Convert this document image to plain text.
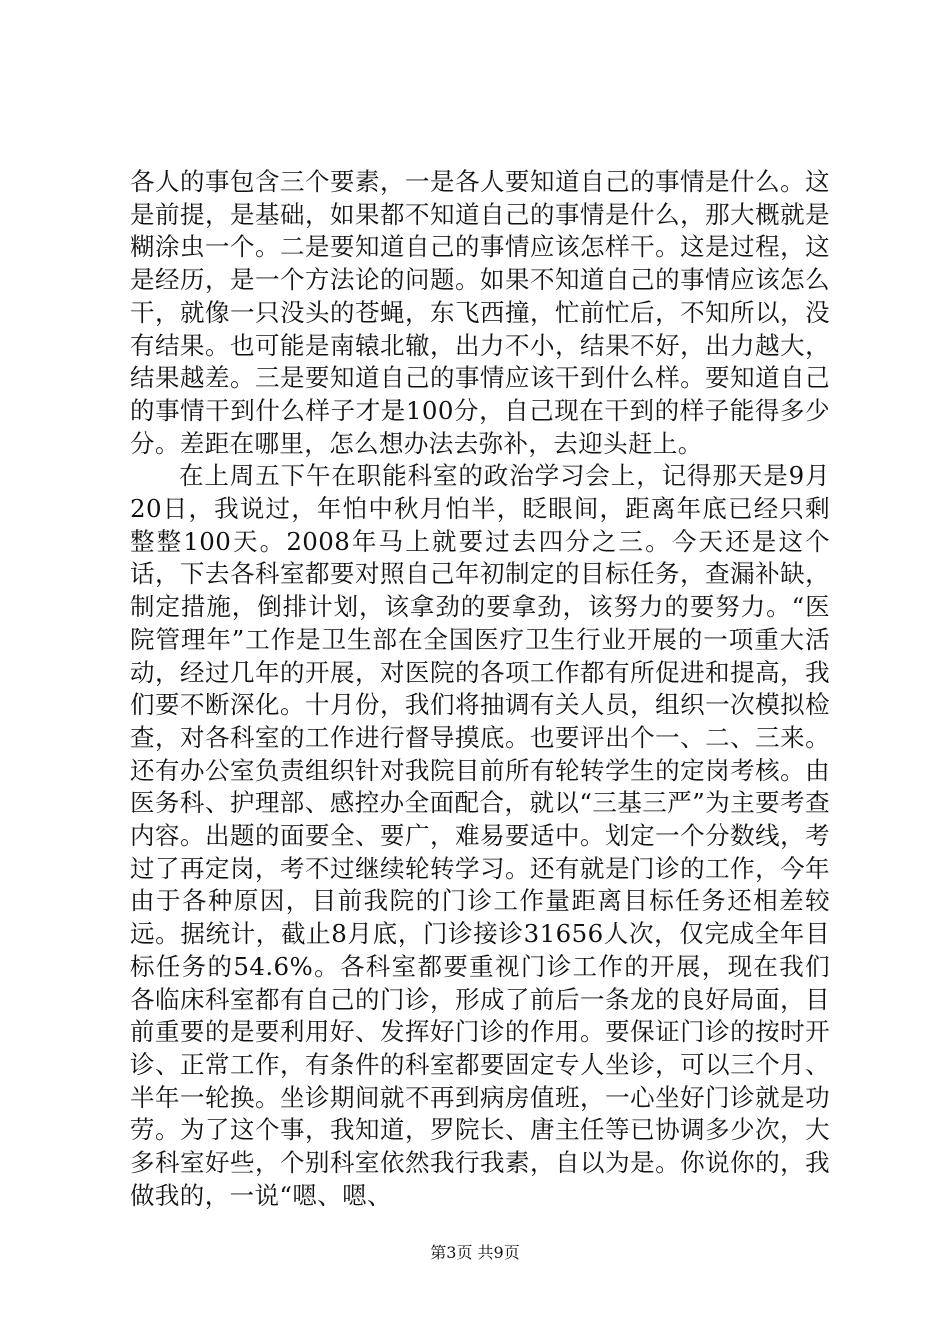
各人的事包含三个要素，一是各人要知道自己的事情是什么。这是前提，是基础，如果都不知道自己的事情是什么，那大概就是糊涂虫一个。二是要知道自己的事情应该怎样干。这是过程，这是经历，是一个方法论的问题。如果不知道自己的事情应该怎么干，就像一只没头的苍蝇，东飞西撞，忙前忙后，不知所以，没有结果。也可能是南辕北辙，出力不小，结果不好，出力越大，结果越差。三是要知道自己的事情应该干到什么样。要知道自己的事情干到什么样子才是100分，自己现在干到的样子能得多少分。差距在哪里，怎么想办法去弥补，去迎头赶上。

在上周五下午在职能科室的政治学习会上，记得那天是9月20日，我说过，年怕中秋月怕半，眨眼间，距离年底已经只剩整整100天。2008年马上就要过去四分之三。今天还是这个话，下去各科室都要对照自己年初制定的目标任务，查漏补缺，制定措施，倒排计划，该拿劲的要拿劲，该努力的要努力。“医院管理年”工作是卫生部在全国医疗卫生行业开展的一项重大活动，经过几年的开展，对医院的各项工作都有所促进和提高，我们要不断深化。十月份，我们将抽调有关人员，组织一次模拟检查，对各科室的工作进行督导摸底。也要评出个一、二、三来。还有办公室负责组织针对我院目前所有轮转学生的定岗考核。由医务科、护理部、感控办全面配合，就以“三基三严”为主要考查内容。出题的面要全、要广，难易要适中。划定一个分数线，考过了再定岗，考不过继续轮转学习。还有就是门诊的工作，今年由于各种原因，目前我院的门诊工作量距离目标任务还相差较远。据统计，截止8月底，门诊接诊31656人次，仅完成全年目标任务的54.6%。各科室都要重视门诊工作的开展，现在我们各临床科室都有自己的门诊，形成了前后一条龙的良好局面，目前重要的是要利用好、发挥好门诊的作用。要保证门诊的按时开诊、正常工作，有条件的科室都要固定专人坐诊，可以三个月、半年一轮换。坐诊期间就不再到病房值班，一心坐好门诊就是功劳。为了这个事，我知道，罗院长、唐主任等已协调多少次，大多科室好些，个别科室依然我行我素，自以为是。你说你的，我做我的，一说“嗯、嗯、

第3页 共9页
